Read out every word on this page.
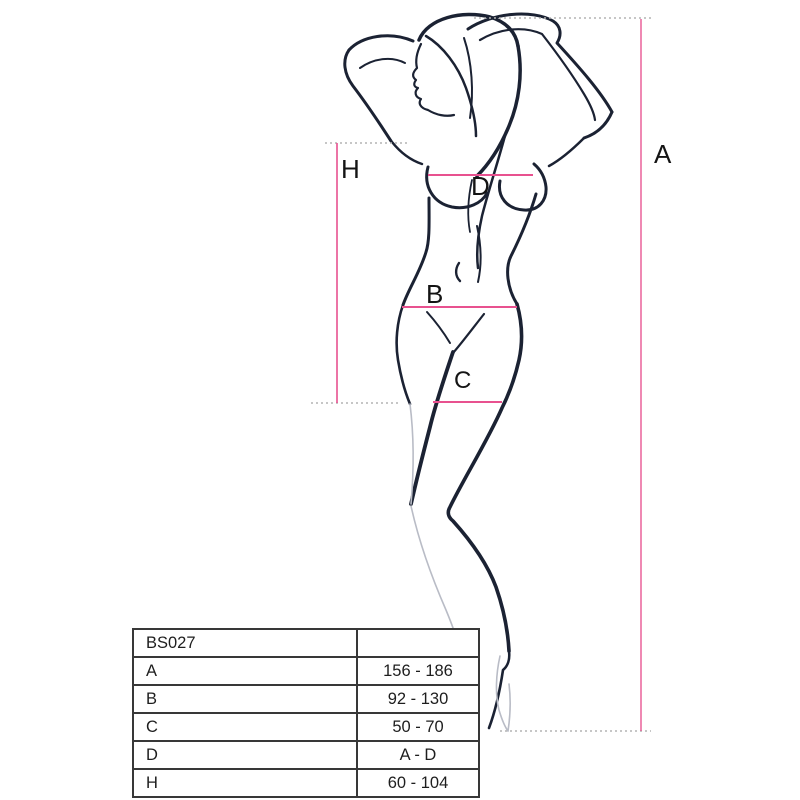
A
H
D
B
C
BS027	
A	156 - 186
B	92 - 130
C	50 - 70
D	A - D
H	60 - 104
